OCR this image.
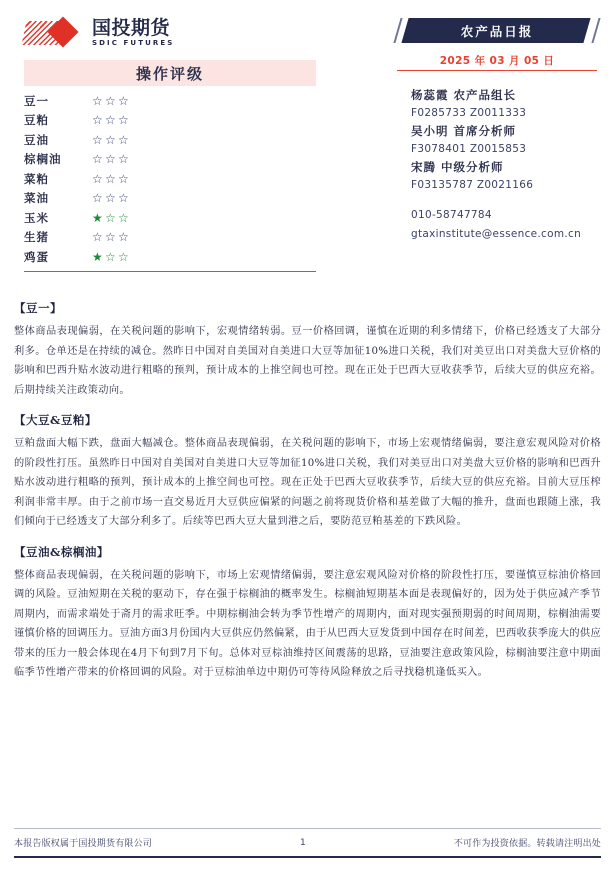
国投期货
SDIC FUTURES
农产品日报
2025 年 03 月 05 日
操作评级
豆一	☆ ☆ ☆
豆粕	☆ ☆ ☆
豆油	☆ ☆ ☆
棕榈油	☆ ☆ ☆
菜粕	☆ ☆ ☆
菜油	☆ ☆ ☆
玉米	★ ☆ ☆
生猪	☆ ☆ ☆
鸡蛋	★ ☆ ☆
杨蕊霞 农产品组长
F0285733 Z0011333
吴小明 首席分析师
F3078401 Z0015853
宋腾 中级分析师
F03135787 Z0021166
010-58747784
gtaxinstitute@essence.com.cn
【豆一】
整体商品表现偏弱，在关税问题的影响下，宏观情绪转弱。豆一价格回调，谨慎在近期的利多情绪下，价格已经透支了大部分利多。仓单还是在持续的减仓。然昨日中国对自美国对自美进口大豆等加征10%进口关税，我们对美豆出口对美盘大豆价格的影响和巴西升贴水波动进行粗略的预判，预计成本的上推空间也可控。现在正处于巴西大豆收获季节，后续大豆的供应充裕。后期持续关注政策动向。
【大豆&豆粕】
豆粕盘面大幅下跌，盘面大幅减仓。整体商品表现偏弱，在关税问题的影响下，市场上宏观情绪偏弱，要注意宏观风险对价格的阶段性打压。虽然昨日中国对自美国对自美进口大豆等加征10%进口关税，我们对美豆出口对美盘大豆价格的影响和巴西升贴水波动进行粗略的预判，预计成本的上推空间也可控。现在正处于巴西大豆收获季节，后续大豆的供应充裕。目前大豆压榨利润非常丰厚。由于之前市场一直交易近月大豆供应偏紧的问题之前将现货价格和基差做了大幅的推升，盘面也跟随上涨，我们倾向于已经透支了大部分利多了。后续等巴西大豆大量到港之后，要防范豆粕基差的下跌风险。
【豆油&棕榈油】
整体商品表现偏弱，在关税问题的影响下，市场上宏观情绪偏弱，要注意宏观风险对价格的阶段性打压，要谨慎豆棕油价格回调的风险。豆油短期在关税的驱动下，存在强于棕榈油的概率发生。棕榈油短期基本面是表现偏好的，因为处于供应减产季节周期内，而需求端处于斋月的需求旺季。中期棕榈油会转为季节性增产的周期内，面对现实强预期弱的时间周期，棕榈油需要谨慎价格的回调压力。豆油方面3月份国内大豆供应仍然偏紧，由于从巴西大豆发货到中国存在时间差，巴西收获季庞大的供应带来的压力一般会体现在4月下旬到7月下旬。总体对豆棕油维持区间震荡的思路，豆油要注意政策风险，棕榈油要注意中期面临季节性增产带来的价格回调的风险。对于豆棕油单边中期仍可等待风险释放之后寻找稳机逢低买入。
本报告版权属于国投期货有限公司	1	不可作为投资依据。转载请注明出处
